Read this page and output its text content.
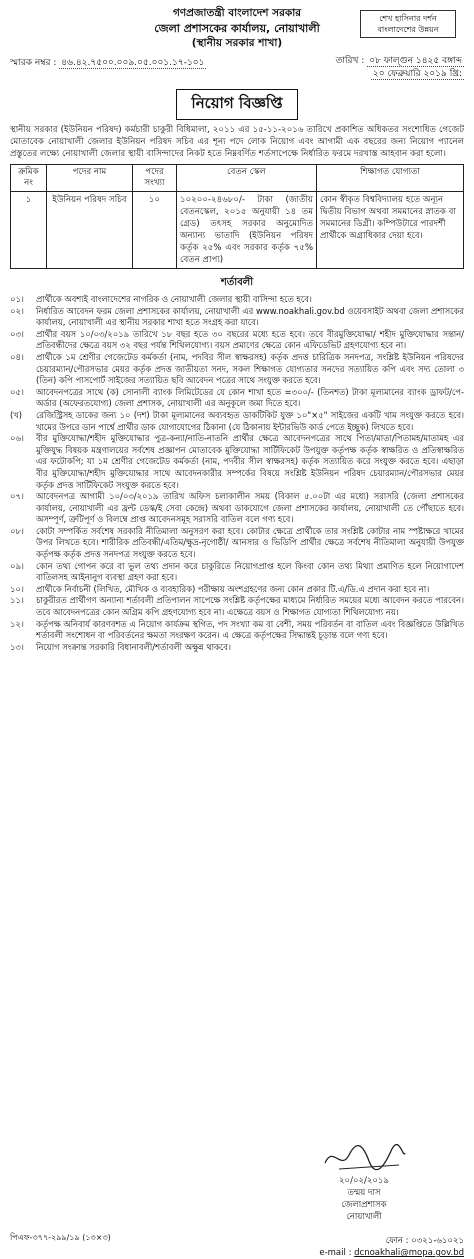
গণপ্রজাতন্ত্রী বাংলাদেশ সরকার
জেলা প্রশাসকের কার্যালয়, নোয়াখালী
(স্থানীয় সরকার শাখা)
শেখ হাসিনার দর্শন
বাংলাদেশের উন্নয়ন
স্মারক নম্বর : ৪৬.৪২.৭৫০০.০০৯.০৫.০০১.১৭-১০১	তারিখ : ০৮ ফাল্গুন ১৪২৫ বঙ্গাব্দ
২০ ফেব্রুয়ারি ২০১৯ খ্রি:
নিয়োগ বিজ্ঞপ্তি
স্থানীয় সরকার (ইউনিয়ন পরিষদ) কর্মচারী চাকুরী বিধিমালা, ২০১১ এর ১৫-১১-২০১৬ তারিখে প্রকাশিত অধিকতর সংশোধিত গেজেট মোতাবেক নোয়াখালী জেলার ইউনিয়ন পরিষদ সচিব এর শূন্য পদে লোক নিয়োগ এবং আগামী এক বছরের জন্য নিয়োগ প্যানেল প্রস্তুতের লক্ষ্যে নোয়াখালী জেলার স্থায়ী বাসিন্দাদের নিকট হতে নিম্নবর্ণিত শর্তসাপেক্ষে নির্ধারিত ফরমে দরখাস্ত আহবান করা হলো।
ক্রমিক নং	পদের নাম	পদের সংখ্যা	বেতন স্কেল	শিক্ষাগত যোগ্যতা
১	ইউনিয়ন পরিষদ সচিব	১০	১০২০০-২৪৬৮০/- টাকা (জাতীয় বেতনস্কেল, ২০১৫ অনুযায়ী ১৪ তম গ্রেড) তৎসহ সরকার অনুমোদিত অন্যান্য ভাতাদি (ইউনিয়ন পরিষদ কর্তৃক ২৫% এবং সরকার কর্তৃক ৭৫% বেতন প্রাপ্য)	কোন স্বীকৃত বিশ্ববিদ্যালয় হতে অন্যূন দ্বিতীয় বিভাগ অথবা সমমানের স্নাতক বা সমমানের ডিগ্রী। কম্পিউটারে পারদর্শী প্রার্থীকে অগ্রাধিকার দেয়া হবে।
শর্তাবলী
০১।	প্রার্থীকে অবশ্যই বাংলাদেশের নাগরিক ও নোয়াখালী জেলার স্থায়ী বাসিন্দা হতে হবে।
০২।	নির্ধারিত আবেদন ফরম জেলা প্রশাসকের কার্যালয়, নোয়াখালী এর www.noakhali.gov.bd ওয়েবসাইট অথবা জেলা প্রশাসকের কার্যালয়, নোয়াখালী এর স্থানীয় সরকার শাখা হতে সংগ্রহ করা যাবে।
০৩।	প্রার্থীর বয়স ১০/০৩/২০১৯ তারিখে ১৮ বছর হতে ৩০ বছরের মধ্যে হতে হবে। তবে বীরমুক্তিযোদ্ধা/ শহীদ মুক্তিযোদ্ধার সন্তান/প্রতিবন্ধীদের ক্ষেত্রে বয়স ৩২ বছর পর্যন্ত শিথিলযোগ্য। বয়স প্রমাণের ক্ষেত্রে কোন এফিডেভিট গ্রহণযোগ্য হবে না।
০৪।	প্রার্থীকে ১ম শ্রেণীর গেজেটেড কর্মকর্তা (নাম, পদবির সীল স্বাক্ষরসহ) কর্তৃক প্রদত্ত চারিত্রিক সনদপত্র, সংশ্লিষ্ট ইউনিয়ন পরিষদের চেয়ারম্যান/পৌরসভার মেয়র কর্তৃক প্রদত্ত জাতীয়তা সনদ, সকল শিক্ষাগত যোগ্যতার সনদের সত্যায়িত কপি এবং সদ্য তোলা ৩ (তিন) কপি পাসপোর্ট সাইজের সত্যায়িত ছবি আবেদন পত্রের সাথে সংযুক্ত করতে হবে।
০৫।	আবেদনপত্রের সাথে (ক) সোনালী ব্যাংক লিমিটেডের যে কোন শাখা হতে =৩০০/- (তিনশত) টাকা মূল্যমানের ব্যাংক ড্রাফট/পে-অর্ডার (অফেরতযোগ্য) জেলা প্রশাসক, নোয়াখালী এর অনুকূলে জমা দিতে হবে।
(খ)	রেজিস্ট্রিসহ ডাকের জন্য ১০ (দশ) টাকা মূল্যমানের অব্যবহৃত ডাকটিকিট যুক্ত ১০"×৫" সাইজের একটি খাম সংযুক্ত করতে হবে। খামের উপরে ডান পার্শ্বে প্রার্থীর ডাক যোগাযোগের ঠিকানা (যে ঠিকানায় ইন্টারভিউ কার্ড পেতে ইচ্ছুক) লিখতে হবে।
০৬।	বীর মুক্তিযোদ্ধা/শহীদ মুক্তিযোদ্ধার পুত্র-কন্যা/নাতি-নাতনি প্রার্থীর ক্ষেত্রে আবেদনপত্রের সাথে পিতা/মাতা/পিতামহ/মাতামহ এর মুক্তিযুদ্ধ বিষয়ক মন্ত্রণালয়ের সর্বশেষ প্রজ্ঞাপন মোতাবেক মুক্তিযোদ্ধা সার্টিফিকেট উপযুক্ত কর্তৃপক্ষ কর্তৃক স্বাক্ষরিত ও প্রতিস্বাক্ষরিত এর ফটোকপি; যা ১ম শ্রেণীর গেজেটেড কর্মকর্তা (নাম, পদবীর সীল স্বাক্ষরসহ) কর্তৃক সত্যায়িত করে সংযুক্ত করতে হবে। এছাড়া বীর মুক্তিযোদ্ধা/শহীদ মুক্তিযোদ্ধার সাথে আবেদনকারীর সম্পর্কের বিষয়ে সংশ্লিষ্ট ইউনিয়ন পরিষদ চেয়ারম্যান/পৌরসভার মেয়র কর্তৃক প্রদত্ত সার্টিফিকেট সংযুক্ত করতে হবে।
০৭।	আবেদনপত্র আগামী ১০/০৩/২০১৯ তারিখ অফিস চলাকালীন সময় (বিকাল ৫.০০টা এর মধ্যে) সরাসরি (জেলা প্রশাসকের কার্যালয়, নোয়াখালী এর ফ্রন্ট ডেস্ক/ই সেবা কেন্দ্রে) অথবা ডাকযোগে জেলা প্রশাসকের কার্যালয়, নোয়াখালী তে পৌঁছাতে হবে। অসম্পূর্ণ, ত্রুটিপূর্ণ ও বিলম্বে প্রাপ্ত আবেদনসমূহ সরাসরি বাতিল বলে গণ্য হবে।
০৮।	কোটা সম্পর্কিত সর্বশেষ সরকারি নীতিমালা অনুসরণ করা হবে। কোটার ক্ষেত্রে প্রার্থীকে তার সংশ্লিষ্ট কোটার নাম স্পষ্টাক্ষরে খামের উপর লিখতে হবে। শারীরিক প্রতিবন্ধী/এতিম/ক্ষুদ্র-নৃগোষ্ঠী/ আনসার ও ভিডিপি প্রার্থীর ক্ষেত্রে সর্বশেষ নীতিমালা অনুযায়ী উপযুক্ত কর্তৃপক্ষ কর্তৃক প্রদত্ত সনদপত্র সংযুক্ত করতে হবে।
০৯।	কোন তথ্য গোপন করে বা ভুল তথ্য প্রদান করে চাকুরিতে নিয়োগপ্রাপ্ত হলে কিংবা কোন তথ্য মিথ্যা প্রমাণিত হলে নিয়োগাদেশ বাতিলসহ আইনানুগ ব্যবস্থা গ্রহণ করা হবে।
১০।	প্রার্থীকে নির্বাচনী (লিখিত, মৌখিক ও ব্যবহারিক) পরীক্ষায় অংশগ্রহণের জন্য কোন প্রকার টি.এ/ডি.এ প্রদান করা হবে না।
১১।	চাকুরীরত প্রার্থীগণ অন্যান্য শর্তাবলী প্রতিপালন সাপেক্ষে সংশ্লিষ্ট কর্তৃপক্ষের মাধ্যমে নির্ধারিত সময়ের মধ্যে আবেদন করতে পারবেন। তবে আবেদনপত্রের কোন অগ্রিম কপি গ্রহণযোগ্য হবে না। এক্ষেত্রে বয়স ও শিক্ষাগত যোগ্যতা শিথিলযোগ্য নয়।
১২।	কর্তৃপক্ষ অনিবার্য কারণবশত এ নিয়োগ কার্যক্রম স্থগিত, পদ সংখ্যা কম বা বেশী, সময় পরিবর্তন বা বাতিল এবং বিজ্ঞপ্তিতে উল্লিখিত শর্তাবলী সংশোধন বা পরিবর্তনের ক্ষমতা সংরক্ষণ করেন। এ ক্ষেত্রে কর্তৃপক্ষের সিদ্ধান্তই চূড়ান্ত বলে গণ্য হবে।
১৩।	নিয়োগ সংক্রান্ত সরকারি বিধানাবলী/শর্তাবলী অক্ষুন্ন থাকবে।
২০/০২/২০১৯
তন্ময় দাস
জেলাপ্রশাসক
নোয়াখালী
পিএফ-৩৭৭-২৯৯/১৯ (১৩×৩)	ফোন : ০৩২১-৬১০২১
e-mail : dcnoakhali@mopa.gov.bd
